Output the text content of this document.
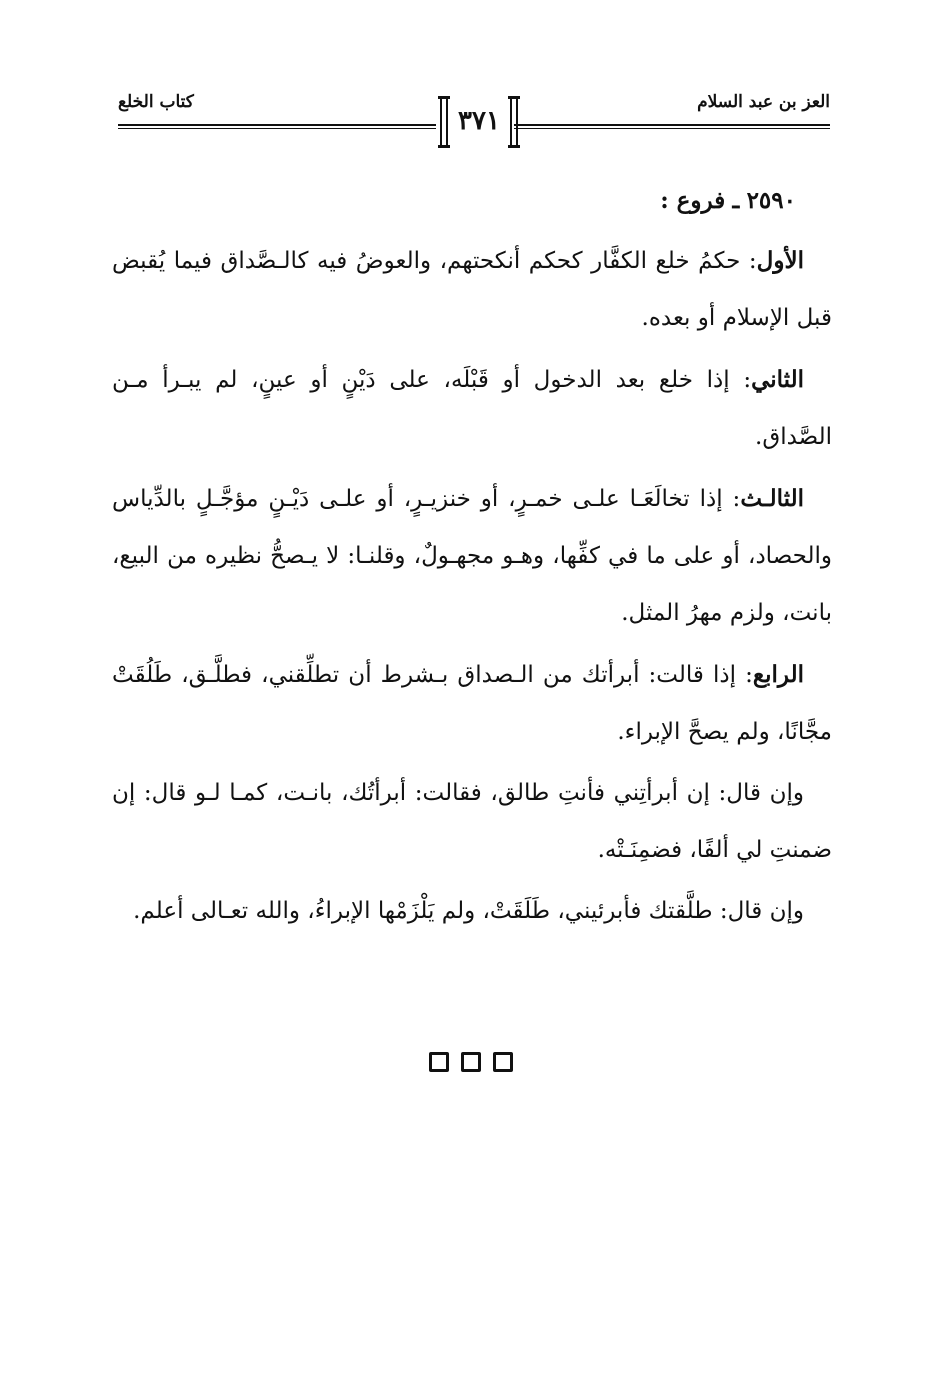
كتاب الخلع	العز بن عبد السلام
٣٧١

٢٥٩٠ ـ فروع :

الأول: حكمُ خلع الكفَّار كحكم أنكحتهم، والعوضُ فيه كالـصَّداق فيما يُقبض قبل الإسلام أو بعده.

الثاني: إذا خلع بعد الدخول أو قَبْلَه، على دَيْنٍ أو عينٍ، لم يبـرأ مـن الصَّداق.

الثالـث: إذا تخالَعَـا علـى خمـرٍ، أو خنزيـرٍ، أو علـى دَيْـنٍ مؤجَّـلٍ بالدِّياس والحصاد، أو على ما في كفِّها، وهـو مجهـولٌ، وقلنـا: لا يـصحُّ نظيره من البيع، بانت، ولزم مهرُ المثل.

الرابع: إذا قالت: أبرأتك من الـصداق بـشرط أن تطلِّقني، فطلَّـق، طَلُقَتْ مجَّانًا، ولم يصحَّ الإبراء.

وإن قال: إن أبرأتِني فأنتِ طالق، فقالت: أبرأتُك، بانـت، كمـا لـو قال: إن ضمنتِ لي ألفًا، فضمِنَـتْه.

وإن قال: طلَّقتك فأبرئيني، طَلَقَتْ، ولم يَلْزَمْها الإبراءُ، والله تعـالى أعلم.
